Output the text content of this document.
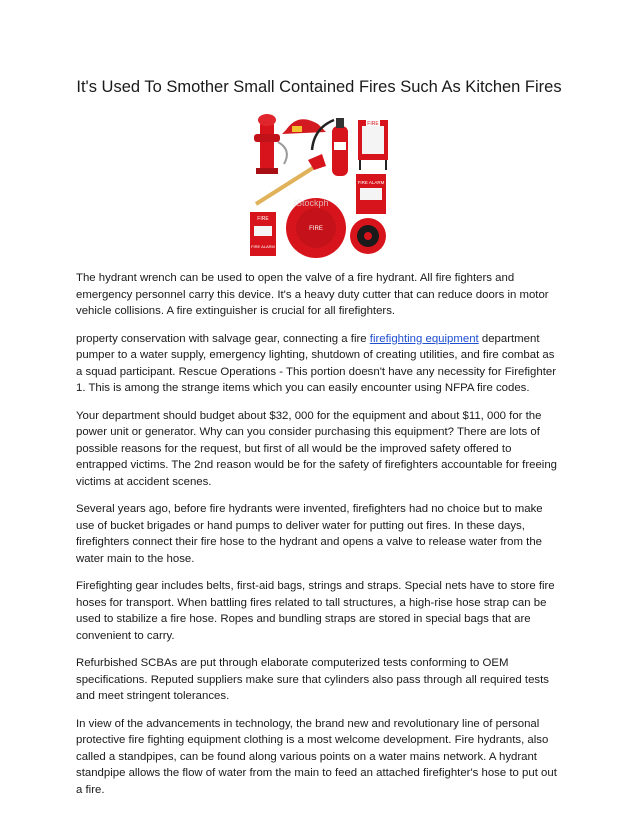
It's Used To Smother Small Contained Fires Such As Kitchen Fires
FIRE
FIRE ALARM
FIRE
FIRE ALARM
FIRE
iStockph

The hydrant wrench can be used to open the valve of a fire hydrant. All fire fighters and emergency personnel carry this device. It's a heavy duty cutter that can reduce doors in motor vehicle collisions. A fire extinguisher is crucial for all firefighters.

property conservation with salvage gear, connecting a fire firefighting equipment department pumper to a water supply, emergency lighting, shutdown of creating utilities, and fire combat as a squad participant. Rescue Operations - This portion doesn't have any necessity for Firefighter 1. This is among the strange items which you can easily encounter using NFPA fire codes.

Your department should budget about $32, 000 for the equipment and about $11, 000 for the power unit or generator. Why can you consider purchasing this equipment? There are lots of possible reasons for the request, but first of all would be the improved safety offered to entrapped victims. The 2nd reason would be for the safety of firefighters accountable for freeing victims at accident scenes.

Several years ago, before fire hydrants were invented, firefighters had no choice but to make use of bucket brigades or hand pumps to deliver water for putting out fires. In these days, firefighters connect their fire hose to the hydrant and opens a valve to release water from the water main to the hose.

Firefighting gear includes belts, first-aid bags, strings and straps. Special nets have to store fire hoses for transport. When battling fires related to tall structures, a high-rise hose strap can be used to stabilize a fire hose. Ropes and bundling straps are stored in special bags that are convenient to carry.

Refurbished SCBAs are put through elaborate computerized tests conforming to OEM specifications. Reputed suppliers make sure that cylinders also pass through all required tests and meet stringent tolerances.

In view of the advancements in technology, the brand new and revolutionary line of personal protective fire fighting equipment clothing is a most welcome development. Fire hydrants, also called a standpipes, can be found along various points on a water mains network. A hydrant standpipe allows the flow of water from the main to feed an attached firefighter's hose to put out a fire.
